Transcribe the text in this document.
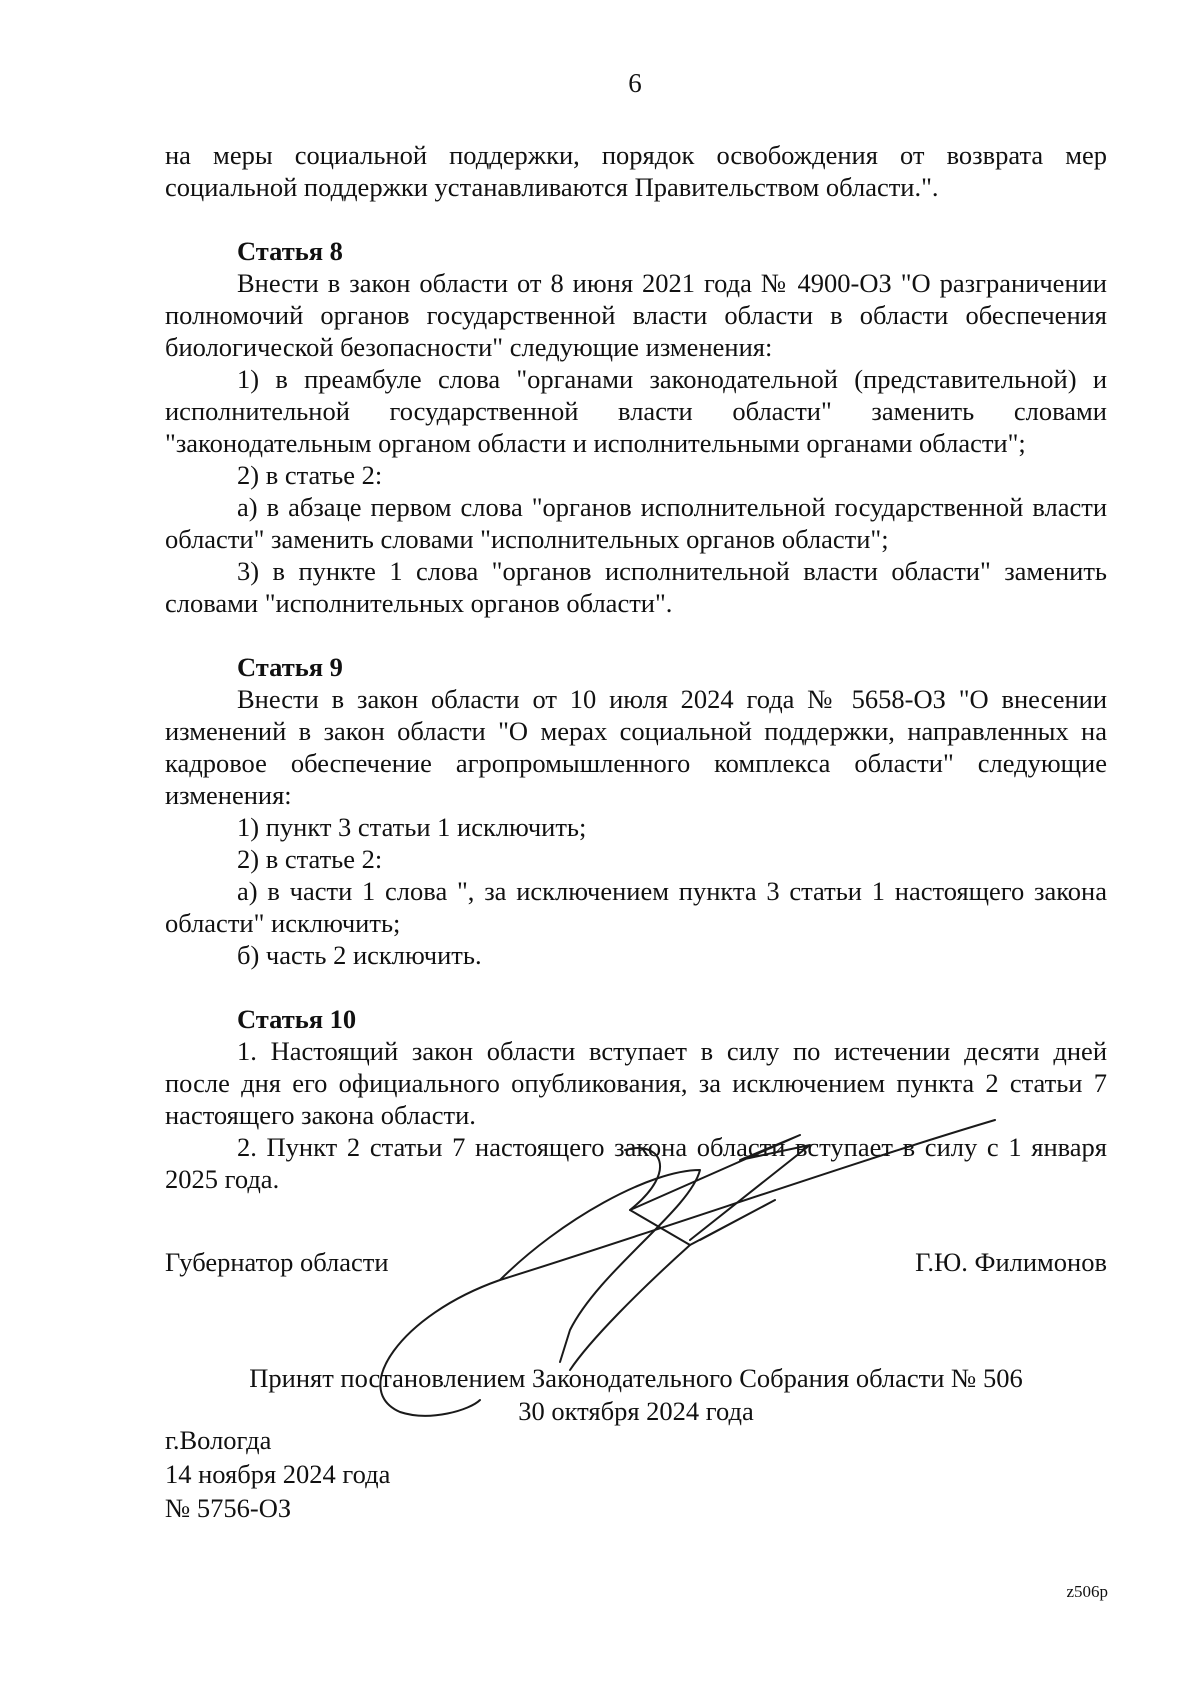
6

на меры социальной поддержки, порядок освобождения от возврата мер социальной поддержки устанавливаются Правительством области.".

Статья 8

Внести в закон области от 8 июня 2021 года № 4900-ОЗ "О разграничении полномочий органов государственной власти области в области обеспечения биологической безопасности" следующие изменения:

1) в преамбуле слова "органами законодательной (представительной) и исполнительной государственной власти области" заменить словами "законодательным органом области и исполнительными органами области";

2) в статье 2:

а) в абзаце первом слова "органов исполнительной государственной власти области" заменить словами "исполнительных органов области";

3) в пункте 1 слова "органов исполнительной власти области" заменить словами "исполнительных органов области".

Статья 9

Внести в закон области от 10 июля 2024 года № 5658-ОЗ "О внесении изменений в закон области "О мерах социальной поддержки, направленных на кадровое обеспечение агропромышленного комплекса области" следующие изменения:

1) пункт 3 статьи 1 исключить;

2) в статье 2:

а) в части 1 слова ", за исключением пункта 3 статьи 1 настоящего закона области" исключить;

б) часть 2 исключить.

Статья 10

1. Настоящий закон области вступает в силу по истечении десяти дней после дня его официального опубликования, за исключением пункта 2 статьи 7 настоящего закона области.

2. Пункт 2 статьи 7 настоящего закона области вступает в силу с 1 января 2025 года.

Губернатор области	Г.Ю. Филимонов
Принят постановлением Законодательного Собрания области № 506
30 октября 2024 года
г.Вологда
14 ноября 2024 года
№ 5756-ОЗ
z506p
